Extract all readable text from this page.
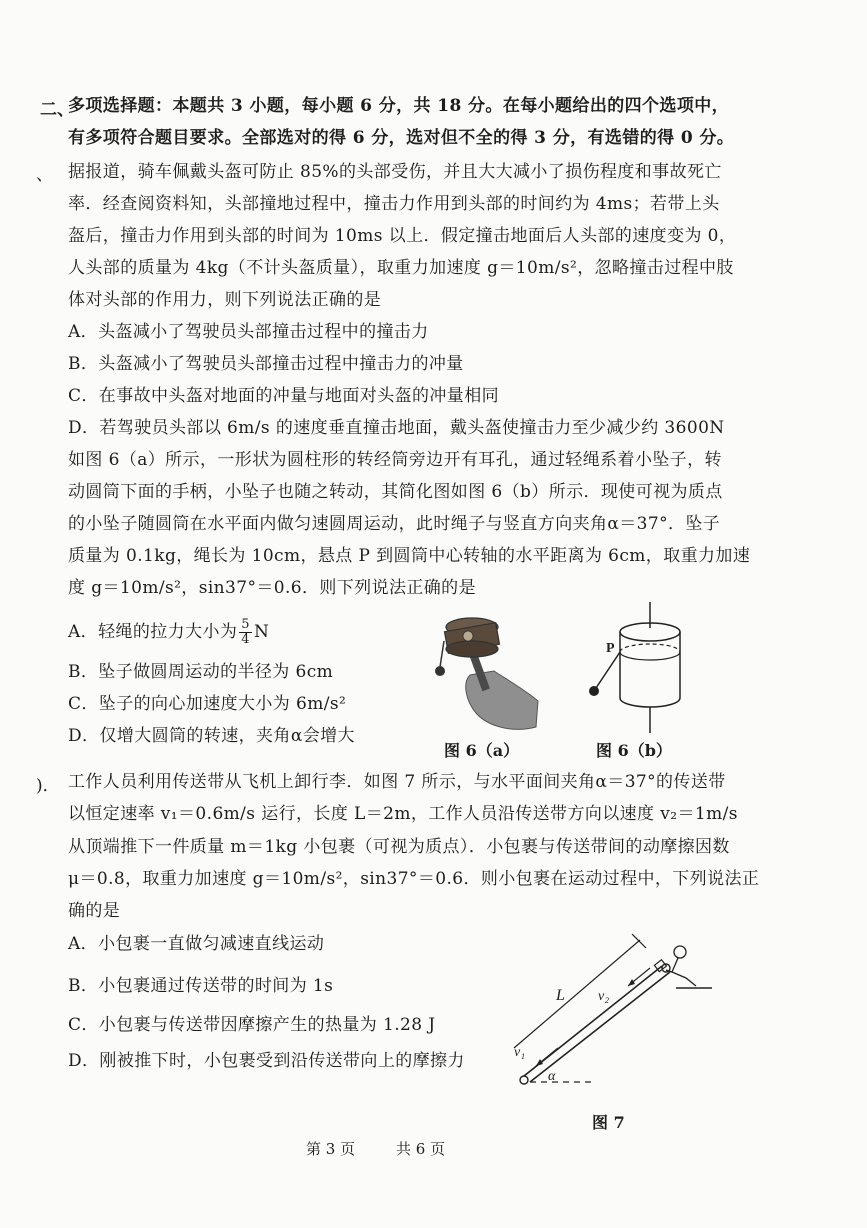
二、
多项选择题：本题共 3 小题，每小题 6 分，共 18 分。在每小题给出的四个选项中，
有多项符合题目要求。全部选对的得 6 分，选对但不全的得 3 分，有选错的得 0 分。
、 据报道，骑车佩戴头盔可防止 85%的头部受伤，并且大大减小了损伤程度和事故死亡
率．经查阅资料知，头部撞地过程中，撞击力作用到头部的时间约为 4ms；若带上头
盔后，撞击力作用到头部的时间为 10ms 以上．假定撞击地面后人头部的速度变为 0，
人头部的质量为 4kg（不计头盔质量），取重力加速度 g＝10m/s²，忽略撞击过程中肢
体对头部的作用力，则下列说法正确的是
A．头盔减小了驾驶员头部撞击过程中的撞击力
B．头盔减小了驾驶员头部撞击过程中撞击力的冲量
C．在事故中头盔对地面的冲量与地面对头盔的冲量相同
D．若驾驶员头部以 6m/s 的速度垂直撞击地面，戴头盔使撞击力至少减少约 3600N
如图 6（a）所示，一形状为圆柱形的转经筒旁边开有耳孔，通过轻绳系着小坠子，转
动圆筒下面的手柄，小坠子也随之转动，其简化图如图 6（b）所示．现使可视为质点
的小坠子随圆筒在水平面内做匀速圆周运动，此时绳子与竖直方向夹角α＝37°．坠子
质量为 0.1kg，绳长为 10cm，悬点 P 到圆筒中心转轴的水平距离为 6cm，取重力加速
度 g＝10m/s²，sin37°＝0.6．则下列说法正确的是
A．轻绳的拉力大小为 $\frac{5}{4}$ N
B．坠子做圆周运动的半径为 6cm
C．坠子的向心加速度大小为 6m/s²
D．仅增大圆筒的转速，夹角α会增大
图 6（a）
P
图 6（b）
)． 工作人员利用传送带从飞机上卸行李．如图 7 所示，与水平面间夹角α＝37°的传送带
以恒定速率 v₁＝0.6m/s 运行，长度 L＝2m，工作人员沿传送带方向以速度 v₂＝1m/s
从顶端推下一件质量 m＝1kg 小包裹（可视为质点）．小包裹与传送带间的动摩擦因数
μ＝0.8，取重力加速度 g＝10m/s²，sin37°＝0.6．则小包裹在运动过程中，下列说法正
确的是
A．小包裹一直做匀减速直线运动
B．小包裹通过传送带的时间为 1s
C．小包裹与传送带因摩擦产生的热量为 1.28 J
D．刚被推下时，小包裹受到沿传送带向上的摩擦力
L
α
v₂
v₁
图 7
第 3 页	共 6 页
